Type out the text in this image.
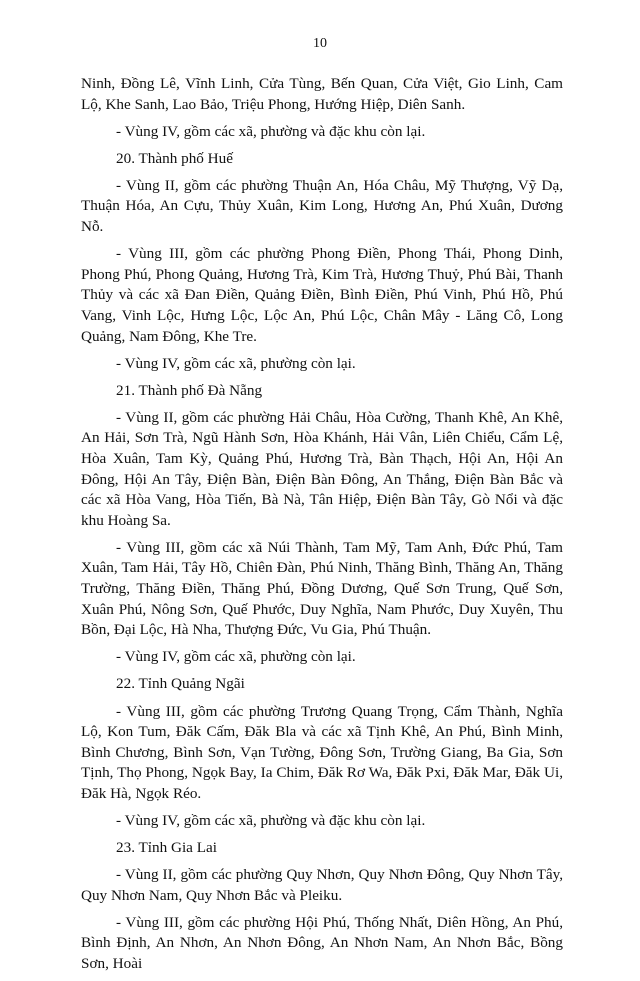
10

Ninh, Đồng Lê, Vĩnh Linh, Cửa Tùng, Bến Quan, Cửa Việt, Gio Linh, Cam Lộ, Khe Sanh, Lao Bảo, Triệu Phong, Hướng Hiệp, Diên Sanh.

- Vùng IV, gồm các xã, phường và đặc khu còn lại.

20. Thành phố Huế

- Vùng II, gồm các phường Thuận An, Hóa Châu, Mỹ Thượng, Vỹ Dạ, Thuận Hóa, An Cựu, Thủy Xuân, Kim Long, Hương An, Phú Xuân, Dương Nỗ.

- Vùng III, gồm các phường Phong Điền, Phong Thái, Phong Dinh, Phong Phú, Phong Quảng, Hương Trà, Kim Trà, Hương Thuỷ, Phú Bài, Thanh Thủy và các xã Đan Điền, Quảng Điền, Bình Điền, Phú Vinh, Phú Hồ, Phú Vang, Vinh Lộc, Hưng Lộc, Lộc An, Phú Lộc, Chân Mây - Lăng Cô, Long Quảng, Nam Đông, Khe Tre.

- Vùng IV, gồm các xã, phường còn lại.

21. Thành phố Đà Nẵng

- Vùng II, gồm các phường Hải Châu, Hòa Cường, Thanh Khê, An Khê, An Hải, Sơn Trà, Ngũ Hành Sơn, Hòa Khánh, Hải Vân, Liên Chiểu, Cẩm Lệ, Hòa Xuân, Tam Kỳ, Quảng Phú, Hương Trà, Bàn Thạch, Hội An, Hội An Đông, Hội An Tây, Điện Bàn, Điện Bàn Đông, An Thắng, Điện Bàn Bắc và các xã Hòa Vang, Hòa Tiến, Bà Nà, Tân Hiệp, Điện Bàn Tây, Gò Nổi và đặc khu Hoàng Sa.

- Vùng III, gồm các xã Núi Thành, Tam Mỹ, Tam Anh, Đức Phú, Tam Xuân, Tam Hải, Tây Hồ, Chiên Đàn, Phú Ninh, Thăng Bình, Thăng An, Thăng Trường, Thăng Điền, Thăng Phú, Đồng Dương, Quế Sơn Trung, Quế Sơn, Xuân Phú, Nông Sơn, Quế Phước, Duy Nghĩa, Nam Phước, Duy Xuyên, Thu Bồn, Đại Lộc, Hà Nha, Thượng Đức, Vu Gia, Phú Thuận.

- Vùng IV, gồm các xã, phường còn lại.

22. Tỉnh Quảng Ngãi

- Vùng III, gồm các phường Trương Quang Trọng, Cẩm Thành, Nghĩa Lộ, Kon Tum, Đăk Cấm, Đăk Bla và các xã Tịnh Khê, An Phú, Bình Minh, Bình Chương, Bình Sơn, Vạn Tường, Đông Sơn, Trường Giang, Ba Gia, Sơn Tịnh, Thọ Phong, Ngọk Bay, Ia Chim, Đăk Rơ Wa, Đăk Pxi, Đăk Mar, Đăk Ui, Đăk Hà, Ngọk Réo.

- Vùng IV, gồm các xã, phường và đặc khu còn lại.

23. Tỉnh Gia Lai

- Vùng II, gồm các phường Quy Nhơn, Quy Nhơn Đông, Quy Nhơn Tây, Quy Nhơn Nam, Quy Nhơn Bắc và Pleiku.

- Vùng III, gồm các phường Hội Phú, Thống Nhất, Diên Hồng, An Phú, Bình Định, An Nhơn, An Nhơn Đông, An Nhơn Nam, An Nhơn Bắc, Bồng Sơn, Hoài
